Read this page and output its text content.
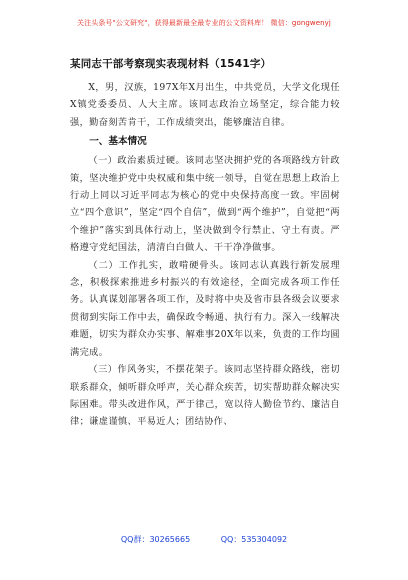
关注头条号"公文研究"，获得最新最全最专业的公文资料库！ 微信：gongwenyj
某同志干部考察现实表现材料（1541字）

X，男，汉族，197X年X月出生，中共党员，大学文化现任X镇党委委员、人大主席。该同志政治立场坚定，综合能力较强，勤奋刻苦肯干，工作成绩突出，能够廉洁自律。

一、基本情况

（一）政治素质过硬。该同志坚决拥护党的各项路线方针政策，坚决维护党中央权威和集中统一领导，自觉在思想上政治上行动上同以习近平同志为核心的党中央保持高度一致。牢固树立“四个意识”，坚定“四个自信”，做到“两个维护”，自觉把“两个维护”落实到具体行动上，坚决做到令行禁止、守土有责。严格遵守党纪国法，清清白白做人、干干净净做事。

（二）工作扎实，敢啃硬骨头。该同志认真践行新发展理念，积极探索推进乡村振兴的有效途径，全面完成各项工作任务。认真谋划部署各项工作，及时将中央及省市县各级会议要求贯彻到实际工作中去，确保政令畅通、执行有力。深入一线解决难题，切实为群众办实事、解难事20X年以来，负责的工作均圆满完成。

（三）作风务实，不摆花架子。该同志坚持群众路线，密切联系群众，倾听群众呼声，关心群众疾苦，切实帮助群众解决实际困难。带头改进作风，严于律己，宽以待人勤俭节约、廉洁自律；谦虚谨慎、平易近人；团结协作、

QQ群：30265665	QQ：535304092
